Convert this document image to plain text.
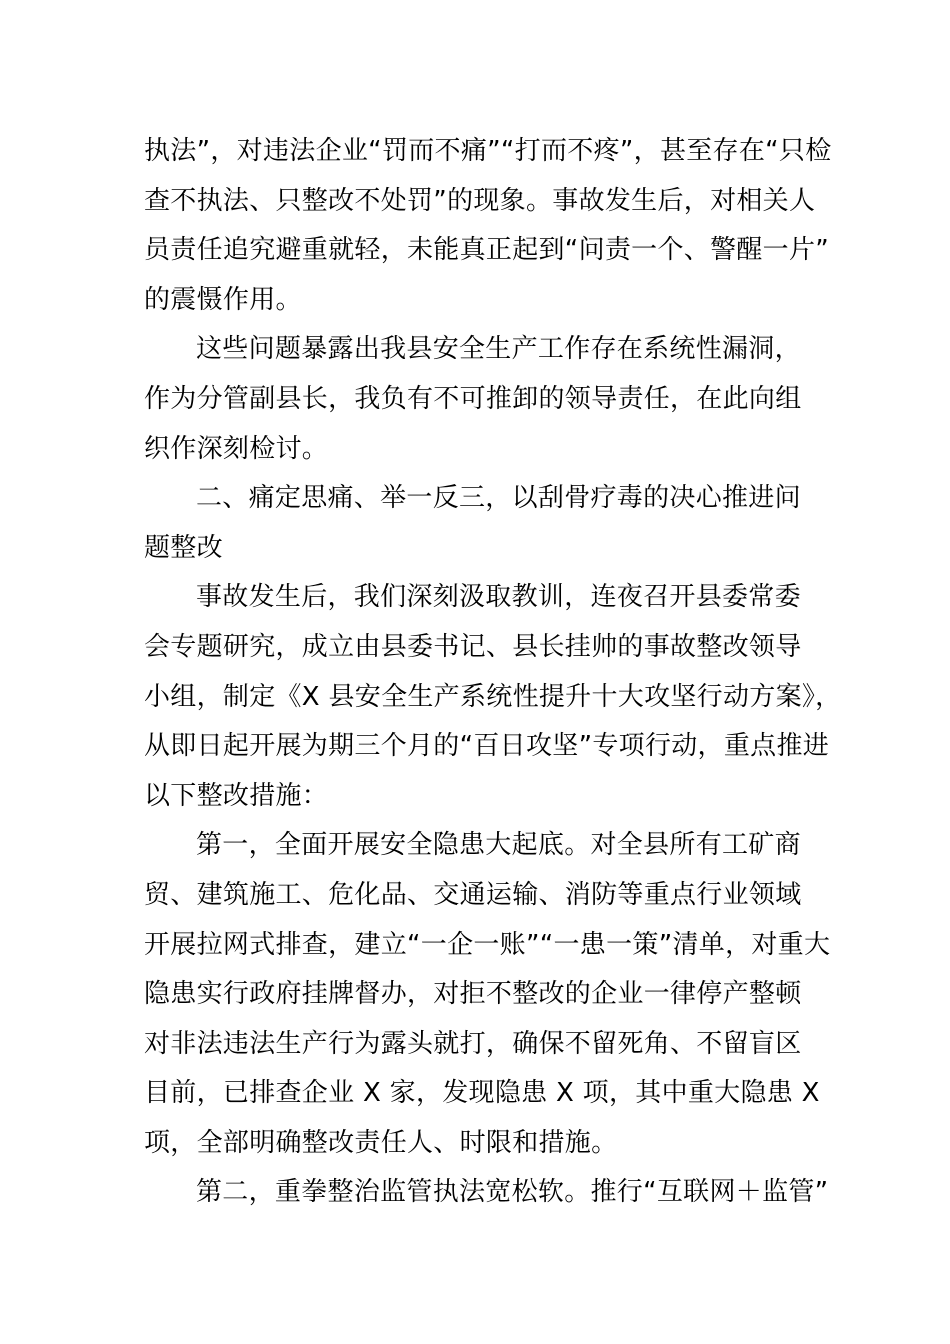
执法”，对违法企业“罚而不痛”“打而不疼”，甚至存在“只检
查不执法、只整改不处罚”的现象。事故发生后，对相关人
员责任追究避重就轻，未能真正起到“问责一个、警醒一片”
的震慑作用。
这些问题暴露出我县安全生产工作存在系统性漏洞，
作为分管副县长，我负有不可推卸的领导责任，在此向组
织作深刻检讨。
二、痛定思痛、举一反三，以刮骨疗毒的决心推进问
题整改
事故发生后，我们深刻汲取教训，连夜召开县委常委
会专题研究，成立由县委书记、县长挂帅的事故整改领导
小组，制定《X 县安全生产系统性提升十大攻坚行动方案》，
从即日起开展为期三个月的“百日攻坚”专项行动，重点推进
以下整改措施：
第一，全面开展安全隐患大起底。对全县所有工矿商
贸、建筑施工、危化品、交通运输、消防等重点行业领域
开展拉网式排查，建立“一企一账”“一患一策”清单，对重大
隐患实行政府挂牌督办，对拒不整改的企业一律停产整顿
对非法违法生产行为露头就打，确保不留死角、不留盲区
目前，已排查企业 X 家，发现隐患 X 项，其中重大隐患 X
项，全部明确整改责任人、时限和措施。
第二，重拳整治监管执法宽松软。推行“互联网＋监管”
